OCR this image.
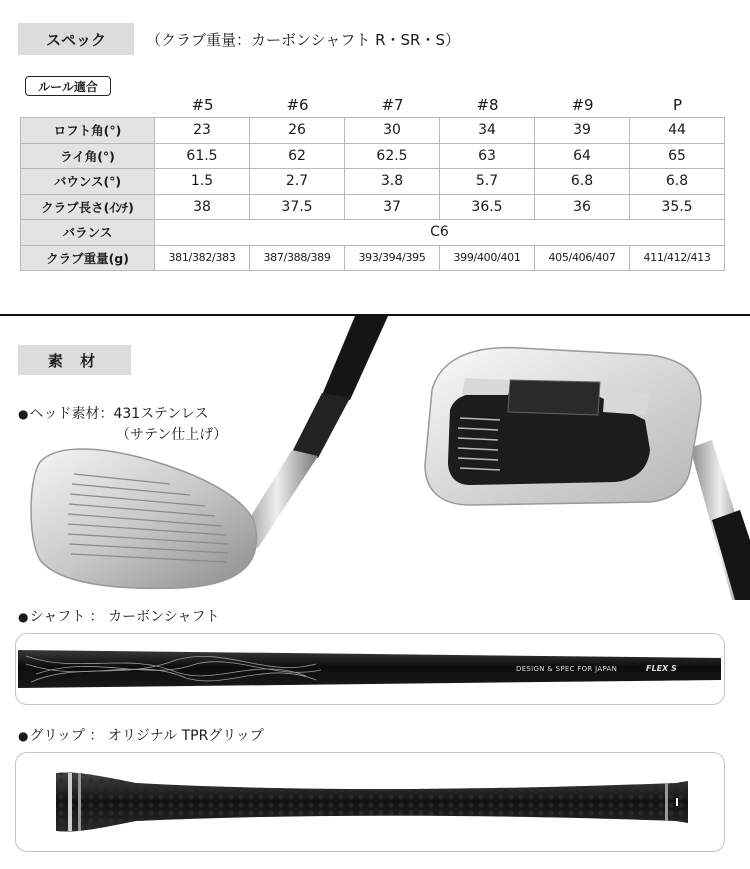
スペック	（クラブ重量：カーボンシャフト R・SR・S）
ルール適合
#5	#6	#7	#8	#9	P
ロフト角(°)	23	26	30	34	39	44
ライ角(°)	61.5	62	62.5	63	64	65
バウンス(°)	1.5	2.7	3.8	5.7	6.8	6.8
クラブ長さ(ｲﾝﾁ)	38	37.5	37	36.5	36	35.5
バランス	C6					
クラブ重量(g)	381/382/383	387/388/389	393/394/395	399/400/401	405/406/407	411/412/413
素 材
● ヘッド素材：431ステンレス
（サテン仕上げ）
● シャフト ： カーボンシャフト
DESIGN & SPEC FOR JAPAN	FLEX S
● グリップ ： オリジナル TPRグリップ
